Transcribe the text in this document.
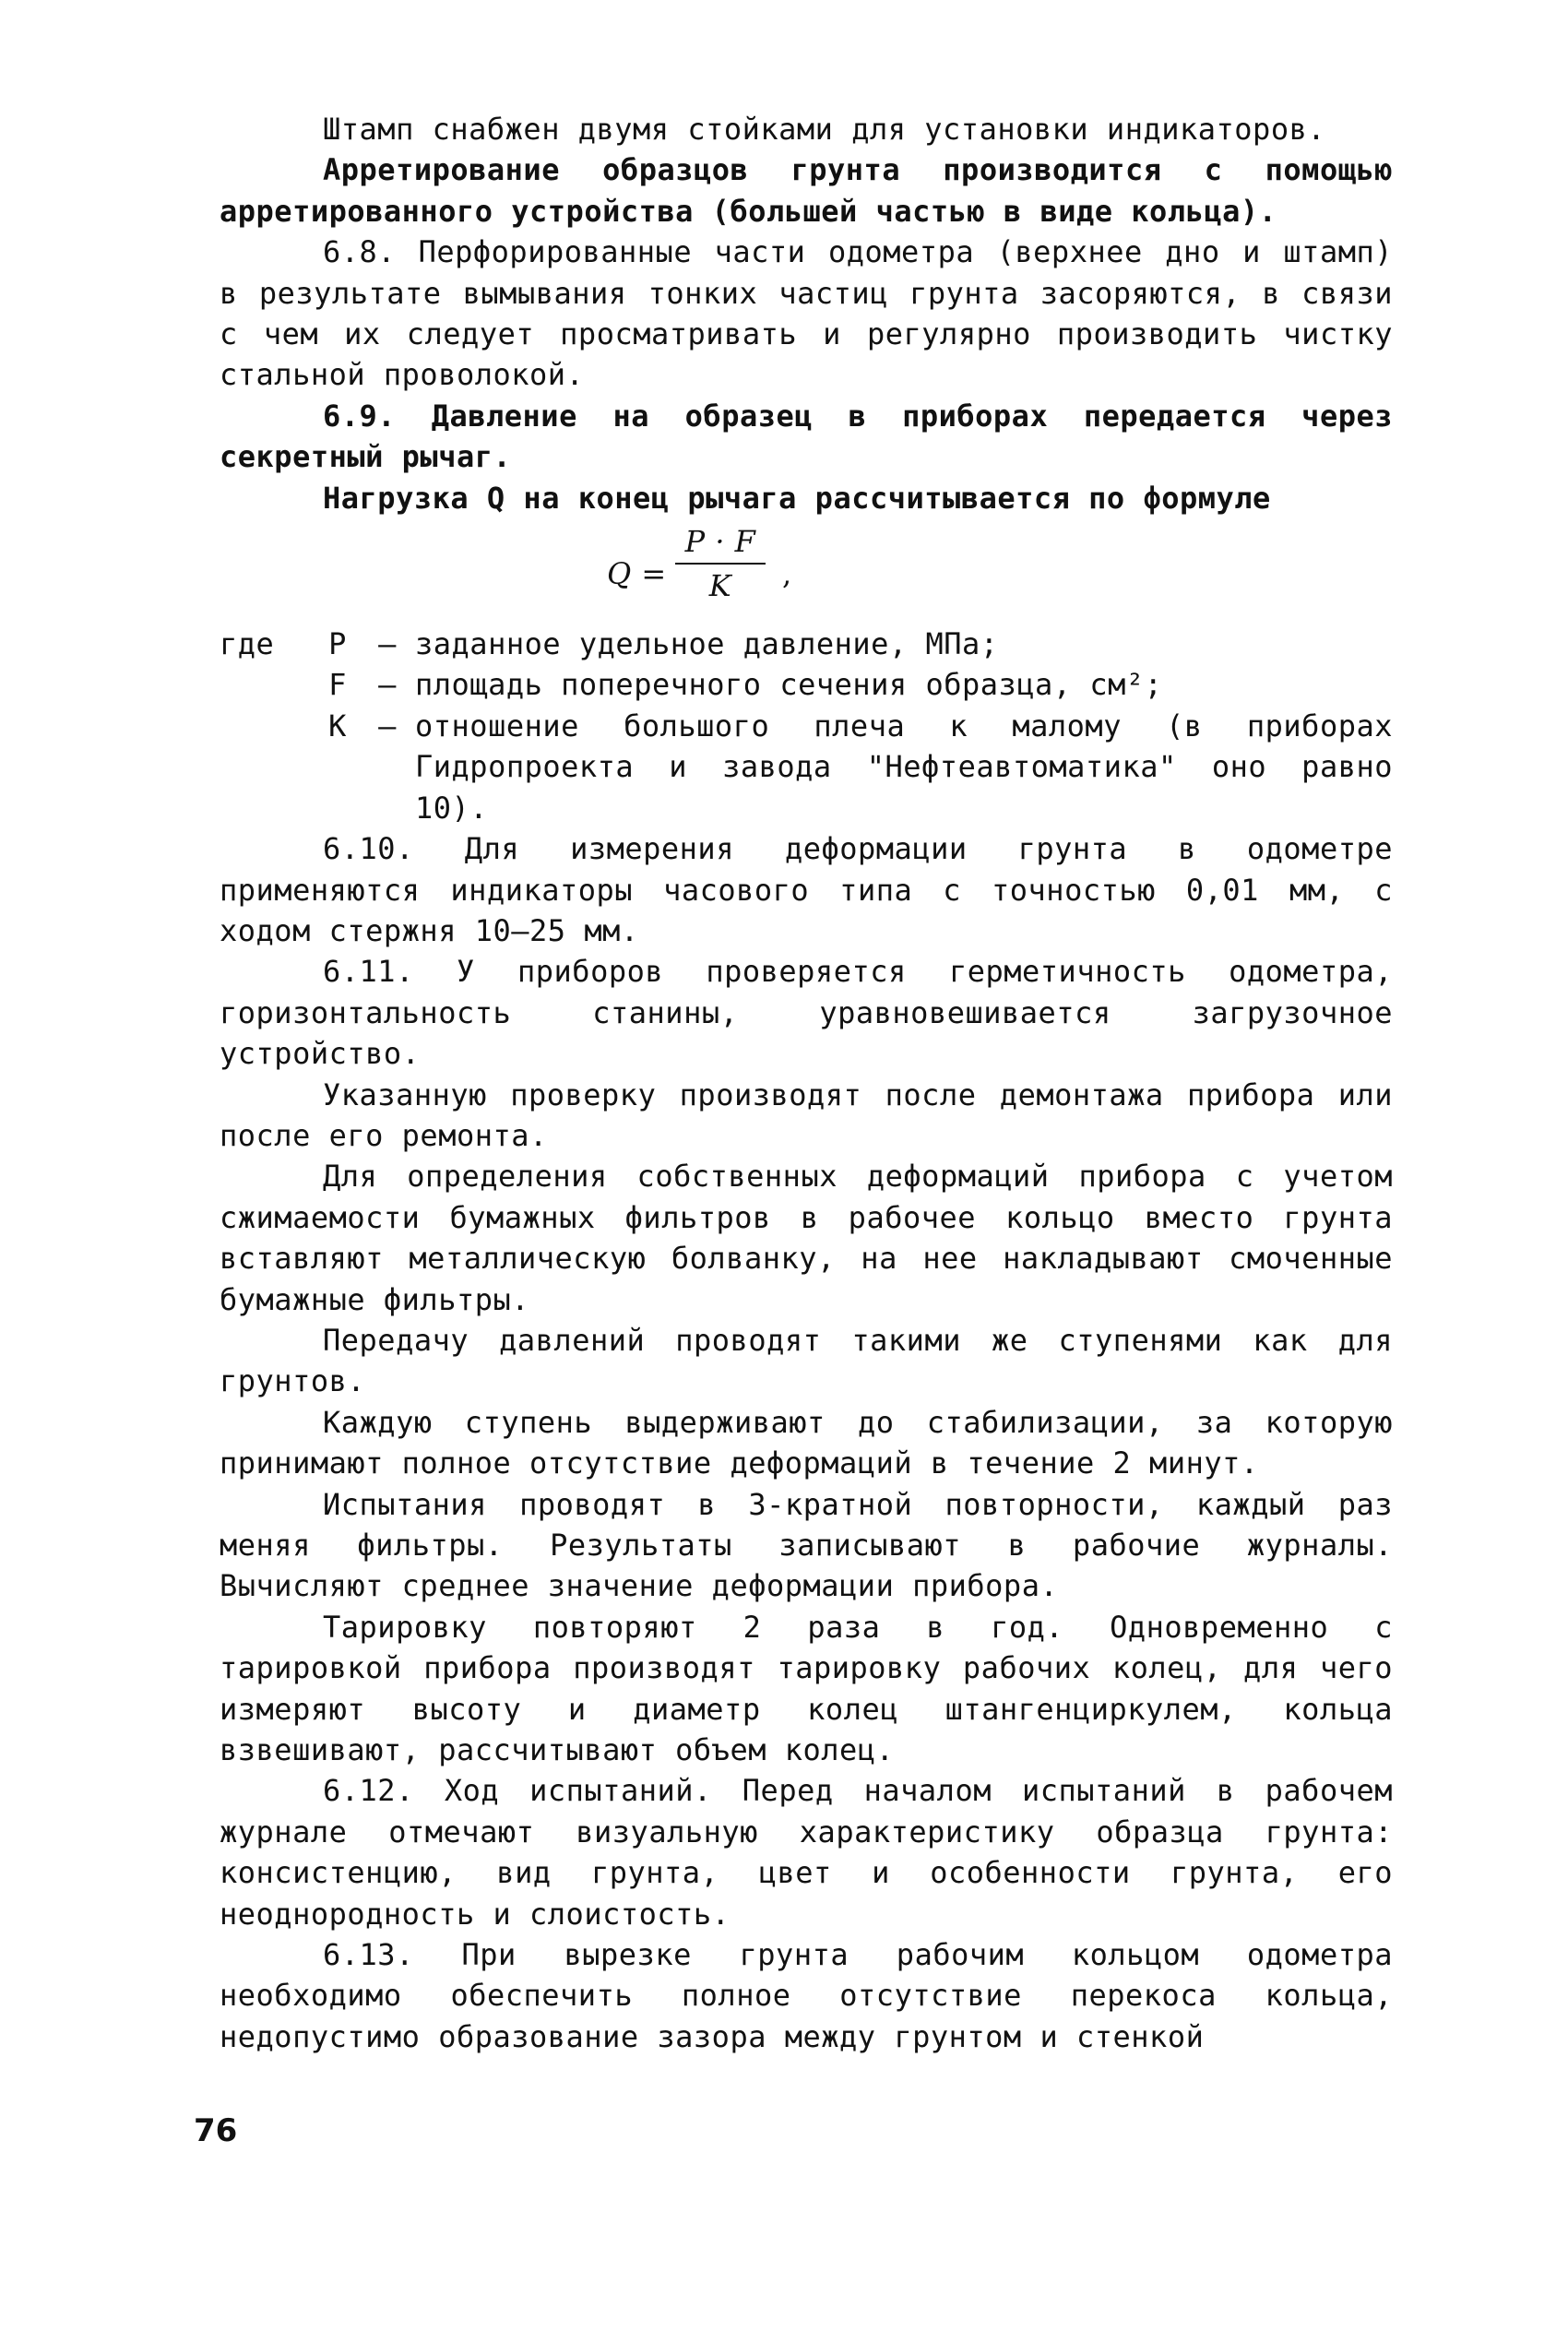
Штамп снабжен двумя стойками для установки индикаторов.

Арретирование образцов грунта производится с помощью арретированного устройства (большей частью в виде кольца).

6.8. Перфорированные части одометра (верхнее дно и штамп) в результате вымывания тонких частиц грунта засоряются, в связи с чем их следует просматривать и регулярно производить чистку стальной проволокой.

6.9. Давление на образец в приборах передается через секретный рычаг.

Нагрузка Q на конец рычага рассчитывается по формуле

Q =
P · F
K	,
где	P	– заданное удельное давление, МПа;
F	– площадь поперечного сечения образца, см²;
K	– отношение большого плеча к малому (в приборах Гидропроекта и завода "Нефтеавтоматика" оно равно 10).

6.10. Для измерения деформации грунта в одометре применяются индикаторы часового типа с точностью 0,01 мм, с ходом стержня 10–25 мм.

6.11. У приборов проверяется герметичность одометра, горизонтальность станины, уравновешивается загрузочное устройство.

Указанную проверку производят после демонтажа прибора или после его ремонта.

Для определения собственных деформаций прибора с учетом сжимаемости бумажных фильтров в рабочее кольцо вместо грунта вставляют металлическую болванку, на нее накладывают смоченные бумажные фильтры.

Передачу давлений проводят такими же ступенями как для грунтов.

Каждую ступень выдерживают до стабилизации, за которую принимают полное отсутствие деформаций в течение 2 минут.

Испытания проводят в 3-кратной повторности, каждый раз меняя фильтры. Результаты записывают в рабочие журналы. Вычисляют среднее значение деформации прибора.

Тарировку повторяют 2 раза в год. Одновременно с тарировкой прибора производят тарировку рабочих колец, для чего измеряют высоту и диаметр колец штангенциркулем, кольца взвешивают, рассчитывают объем колец.

6.12. Ход испытаний. Перед началом испытаний в рабочем журнале отмечают визуальную характеристику образца грунта: консистенцию, вид грунта, цвет и особенности грунта, его неоднородность и слоистость.

6.13. При вырезке грунта рабочим кольцом одометра необходимо обеспечить полное отсутствие перекоса кольца, недопустимо образование зазора между грунтом и стенкой

76
